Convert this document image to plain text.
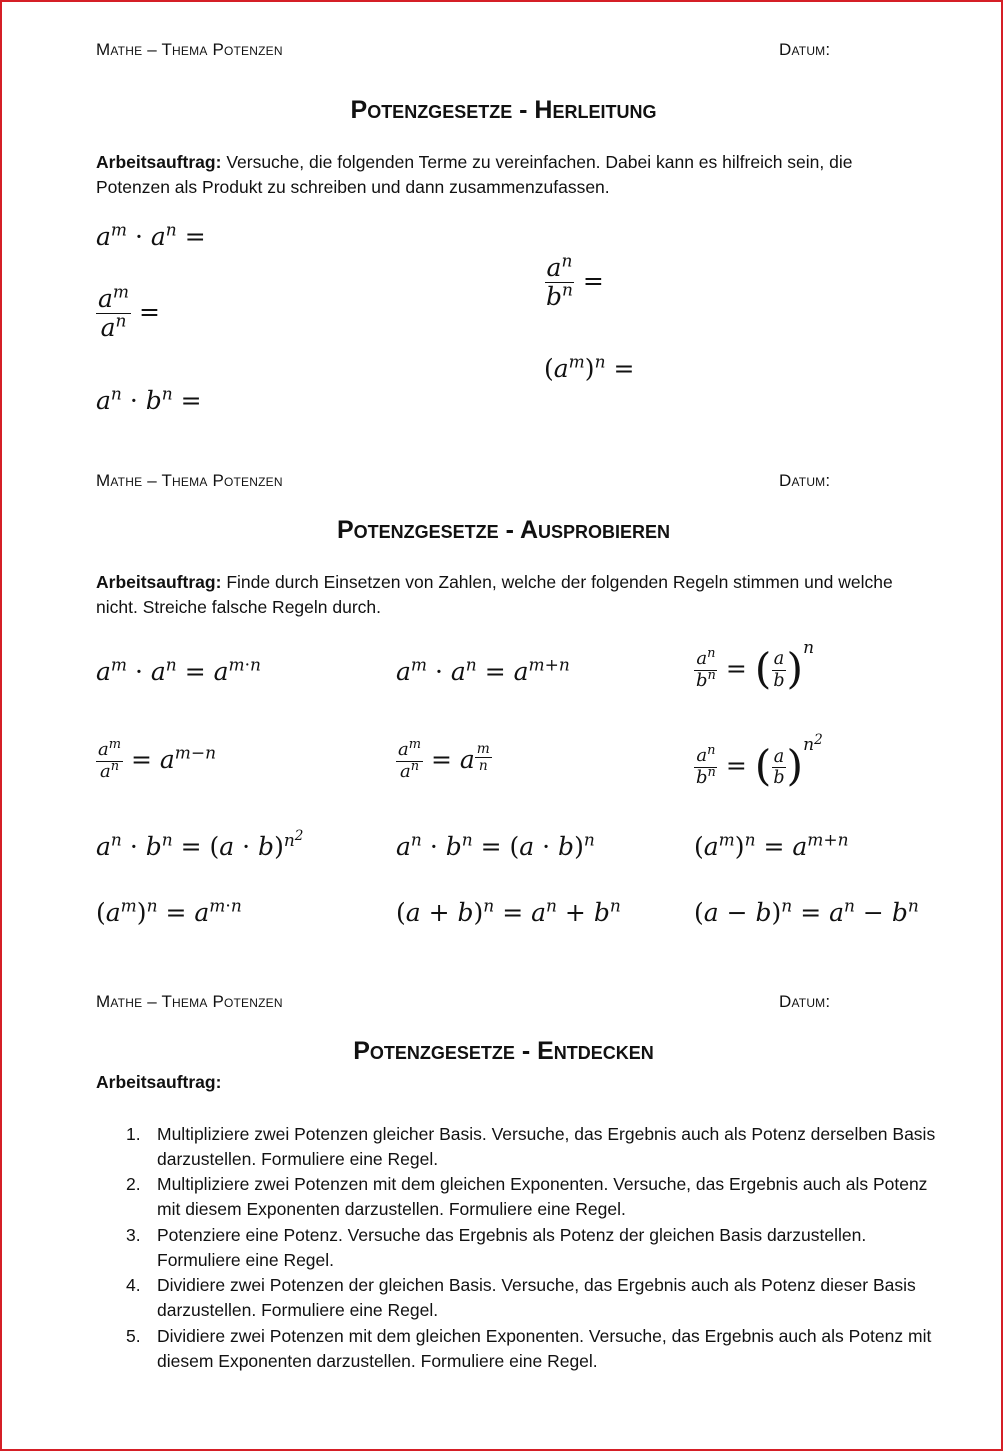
Mathe – Thema Potenzen	Datum:
Potenzgesetze - Herleitung
Arbeitsauftrag: Versuche, die folgenden Terme zu vereinfachen. Dabei kann es hilfreich sein, die Potenzen als Produkt zu schreiben und dann zusammenzufassen.
$a^m \cdot a^n$ =
$\frac{a^m}{a^n}$ =
$a^n \cdot b^n$ =
$\frac{a^n}{b^n}$ =
$(a^m)^n$ =
Mathe – Thema Potenzen	Datum:
Potenzgesetze - Ausprobieren
Arbeitsauftrag: Finde durch Einsetzen von Zahlen, welche der folgenden Regeln stimmen und welche nicht. Streiche falsche Regeln durch.
$a^m \cdot a^n = a^{m\cdot n}$	$a^m \cdot a^n = a^{m+n}$	$\frac{a^n}{b^n}$ = ( $\frac{a}{b} )^n$
$\frac{a^m}{a^n} = a^{m-n}$	$\frac{a^m}{a^n} = a \frac{m}{n}$	$\frac{a^n}{b^n}$ = ( $\frac{a}{b} )^{n^2}$
$a^n \cdot b^n = (a \cdot b)^{n^2}$	$a^n \cdot b^n = (a \cdot b)^n$	$(a^m)^n = a^{m+n}$
$(a^m)^n = a^{m\cdot n}$	$(a + b)^n = a^n + b^n$	$(a - b)^n = a^n - b^n$
Mathe – Thema Potenzen	Datum:
Potenzgesetze - Entdecken
Arbeitsauftrag:
1. Multipliziere zwei Potenzen gleicher Basis. Versuche, das Ergebnis auch als Potenz derselben Basis darzustellen. Formuliere eine Regel.
2. Multipliziere zwei Potenzen mit dem gleichen Exponenten. Versuche, das Ergebnis auch als Potenz mit diesem Exponenten darzustellen. Formuliere eine Regel.
3. Potenziere eine Potenz. Versuche das Ergebnis als Potenz der gleichen Basis darzustellen. Formuliere eine Regel.
4. Dividiere zwei Potenzen der gleichen Basis. Versuche, das Ergebnis auch als Potenz dieser Basis darzustellen. Formuliere eine Regel.
5. Dividiere zwei Potenzen mit dem gleichen Exponenten. Versuche, das Ergebnis auch als Potenz mit diesem Exponenten darzustellen. Formuliere eine Regel.
